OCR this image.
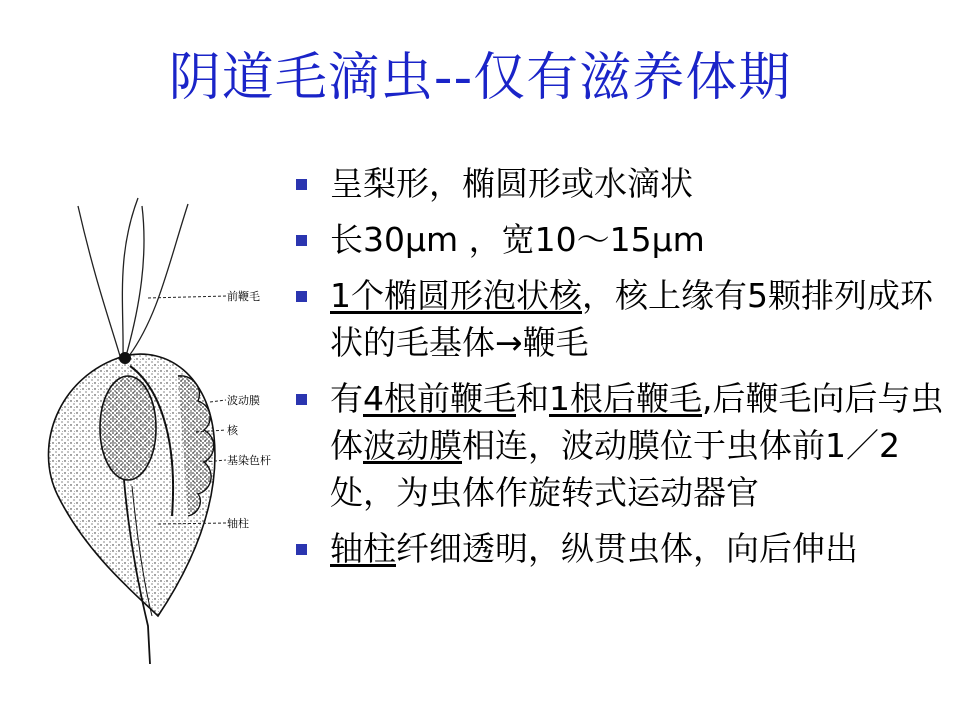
阴道毛滴虫--仅有滋养体期
前鞭毛
波动膜
核
基染色杆
轴柱
呈梨形，椭圆形或水滴状
长30μm ，宽10～15μm
1个椭圆形泡状核，核上缘有5颗排列成环状的毛基体→鞭毛
有4根前鞭毛和1根后鞭毛,后鞭毛向后与虫体波动膜相连，波动膜位于虫体前1／2处，为虫体作旋转式运动器官
轴柱纤细透明，纵贯虫体，向后伸出
